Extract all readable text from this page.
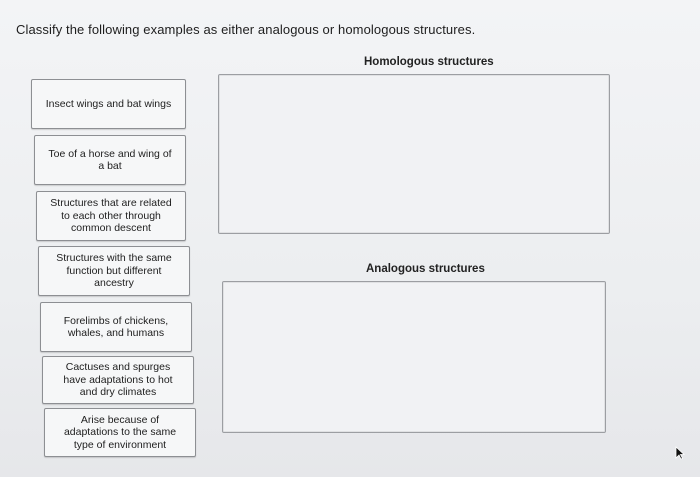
Classify the following examples as either analogous or homologous structures.
Insect wings and bat wings
Toe of a horse and wing of
a bat
Structures that are related
to each other through
common descent
Structures with the same
function but different
ancestry
Forelimbs of chickens,
whales, and humans
Cactuses and spurges
have adaptations to hot
and dry climates
Arise because of
adaptations to the same
type of environment
Homologous structures
Analogous structures
